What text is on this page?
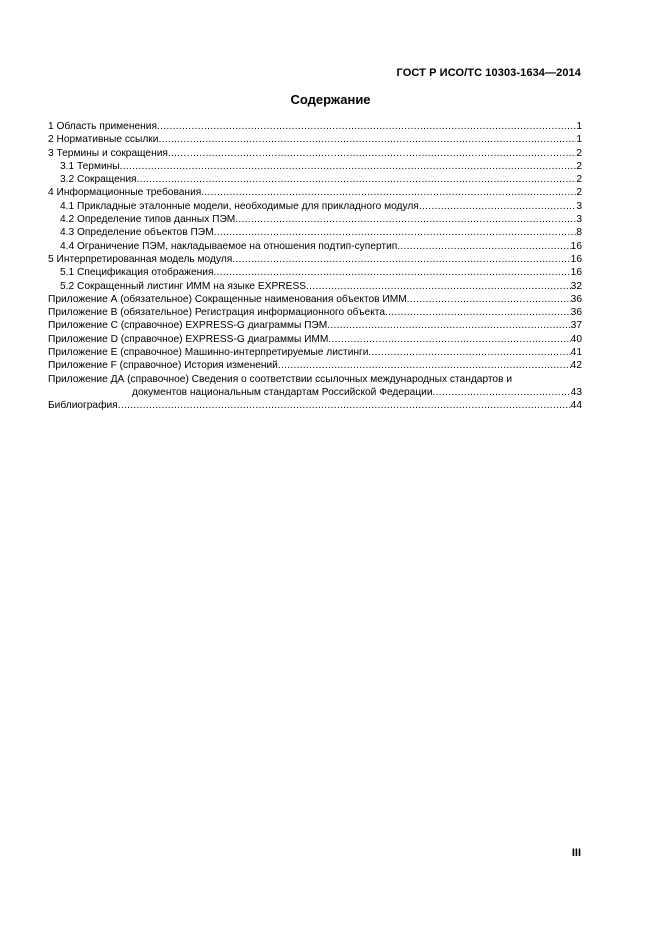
ГОСТ Р ИСО/ТС 10303-1634—2014
Содержание
1 Область применения .....	1
2 Нормативные ссылки .....	1
3 Термины и сокращения .....	2
3.1 Термины .....	2
3.2 Сокращения .....	2
4 Информационные требования .....	2
4.1 Прикладные эталонные модели, необходимые для прикладного модуля .....	3
4.2 Определение типов данных ПЭМ .....	3
4.3 Определение объектов ПЭМ .....	8
4.4 Ограничение ПЭМ, накладываемое на отношения подтип-супертип .....	16
5 Интерпретированная модель модуля .....	16
5.1 Спецификация отображения .....	16
5.2 Сокращенный листинг ИММ на языке EXPRESS .....	32
Приложение А (обязательное) Сокращенные наименования объектов ИММ .....	36
Приложение В (обязательное) Регистрация информационного объекта .....	36
Приложение С (справочное) EXPRESS-G диаграммы ПЭМ .....	37
Приложение D (справочное) EXPRESS-G диаграммы ИММ .....	40
Приложение Е (справочное) Машинно-интерпретируемые листинги .....	41
Приложение F (справочное) История изменений .....	42
Приложение ДА (справочное) Сведения о соответствии ссылочных международных стандартов и
документов национальным стандартам Российской Федерации .....	43
Библиография .....	44
III
